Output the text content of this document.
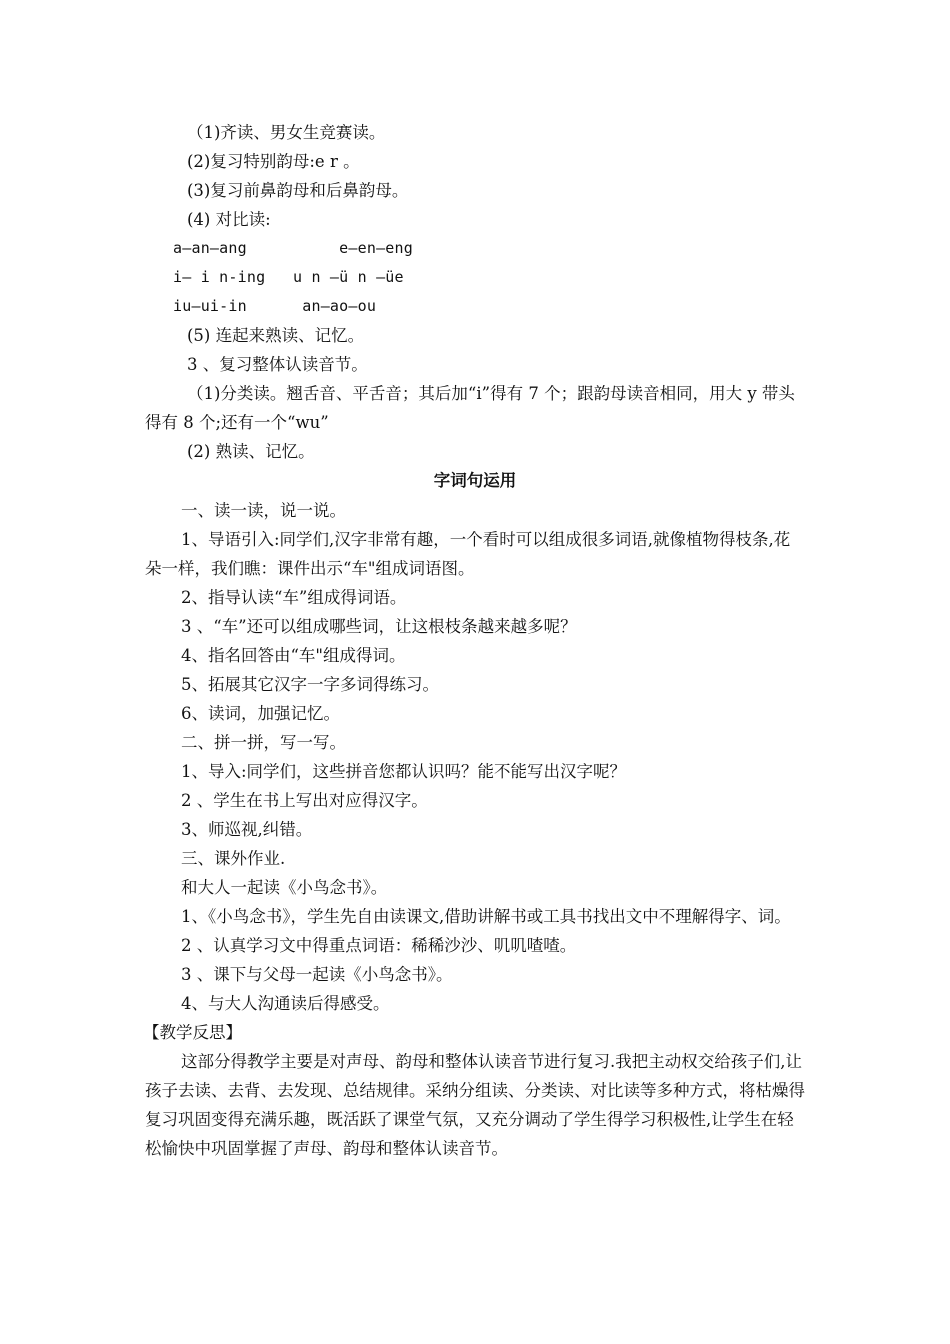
（1)齐读、男女生竞赛读。
(2)复习特别韵母:e r 。
(3)复习前鼻韵母和后鼻韵母。
(4) 对比读:
a—an—ang          e—en—eng
i— i n-ing   u n —ü n —üe
iu—ui-in      an—ao—ou
(5) 连起来熟读、记忆。
3 、复习整体认读音节。

（1)分类读。翘舌音、平舌音；其后加“i”得有 7 个；跟韵母读音相同，用大 y 带头得有 8 个;还有一个“wu”

(2) 熟读、记忆。
字词句运用
一、读一读，说一说。

1、导语引入:同学们,汉字非常有趣，一个看时可以组成很多词语,就像植物得枝条,花朵一样，我们瞧：课件出示“车"组成词语图。

2、指导认读“车”组成得词语。
3 、“车”还可以组成哪些词，让这根枝条越来越多呢？
4、指名回答由“车"组成得词。
5、拓展其它汉字一字多词得练习。
6、读词，加强记忆。
二、拼一拼，写一写。
1、导入:同学们，这些拼音您都认识吗？能不能写出汉字呢？
2 、学生在书上写出对应得汉字。
3、师巡视,纠错。
三、课外作业.
和大人一起读《小鸟念书》。

1、《小鸟念书》，学生先自由读课文,借助讲解书或工具书找出文中不理解得字、词。

2 、认真学习文中得重点词语：稀稀沙沙、叽叽喳喳。
3 、课下与父母一起读《小鸟念书》。
4、与大人沟通读后得感受。
【教学反思】

这部分得教学主要是对声母、韵母和整体认读音节进行复习.我把主动权交给孩子们,让孩子去读、去背、去发现、总结规律。采纳分组读、分类读、对比读等多种方式，将枯燥得复习巩固变得充满乐趣，既活跃了课堂气氛，又充分调动了学生得学习积极性,让学生在轻松愉快中巩固掌握了声母、韵母和整体认读音节。
